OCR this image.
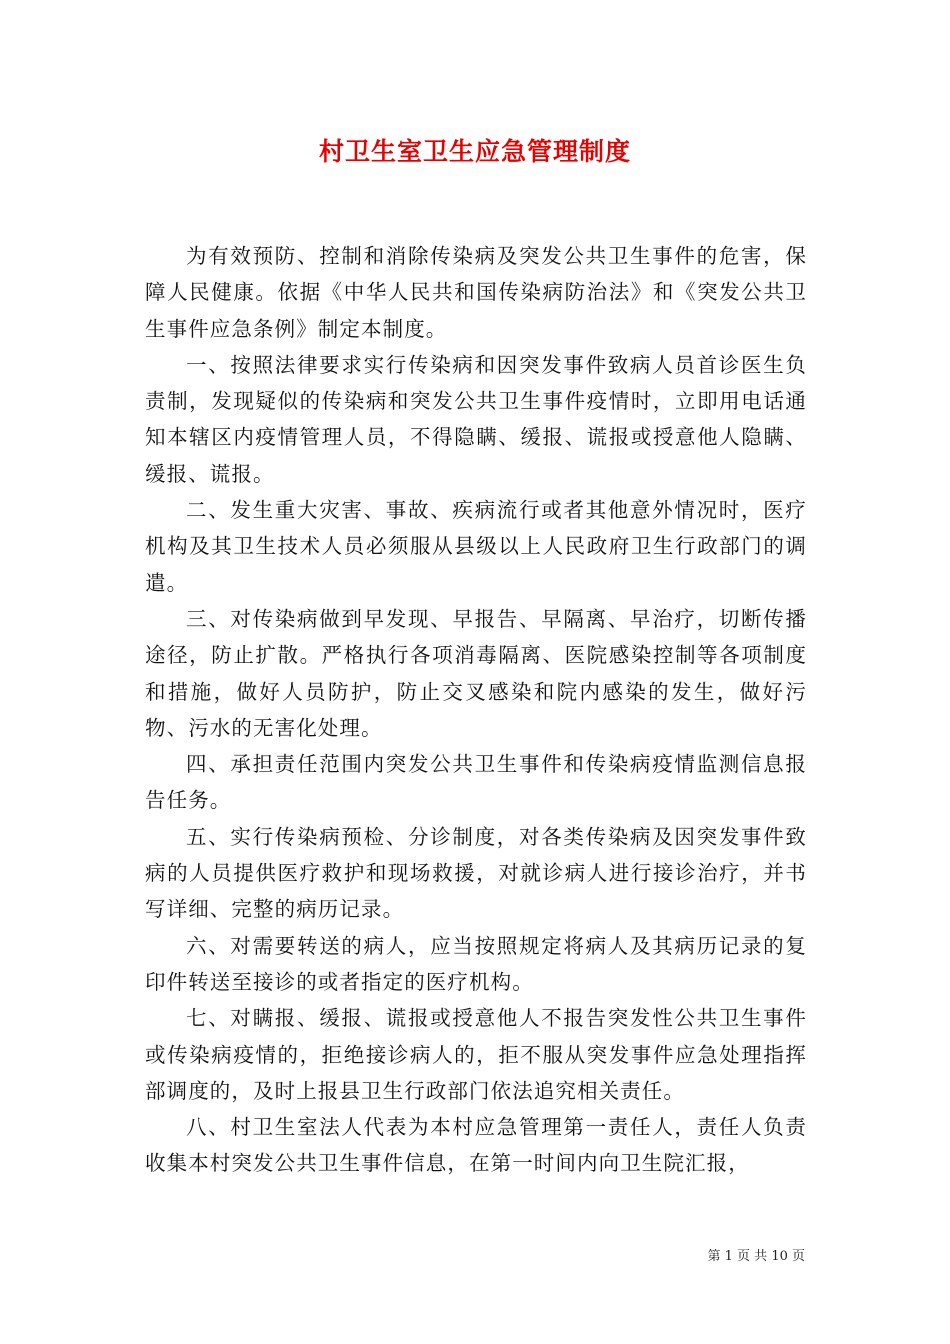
村卫生室卫生应急管理制度

为有效预防、控制和消除传染病及突发公共卫生事件的危害，保障人民健康。依据《中华人民共和国传染病防治法》和《突发公共卫生事件应急条例》制定本制度。

一、按照法律要求实行传染病和因突发事件致病人员首诊医生负责制，发现疑似的传染病和突发公共卫生事件疫情时，立即用电话通知本辖区内疫情管理人员，不得隐瞒、缓报、谎报或授意他人隐瞒、缓报、谎报。

二、发生重大灾害、事故、疾病流行或者其他意外情况时，医疗机构及其卫生技术人员必须服从县级以上人民政府卫生行政部门的调遣。

三、对传染病做到早发现、早报告、早隔离、早治疗，切断传播途径，防止扩散。严格执行各项消毒隔离、医院感染控制等各项制度和措施，做好人员防护，防止交叉感染和院内感染的发生，做好污物、污水的无害化处理。

四、承担责任范围内突发公共卫生事件和传染病疫情监测信息报告任务。

五、实行传染病预检、分诊制度，对各类传染病及因突发事件致病的人员提供医疗救护和现场救援，对就诊病人进行接诊治疗，并书写详细、完整的病历记录。

六、对需要转送的病人，应当按照规定将病人及其病历记录的复印件转送至接诊的或者指定的医疗机构。

七、对瞒报、缓报、谎报或授意他人不报告突发性公共卫生事件或传染病疫情的，拒绝接诊病人的，拒不服从突发事件应急处理指挥部调度的，及时上报县卫生行政部门依法追究相关责任。

八、村卫生室法人代表为本村应急管理第一责任人，责任人负责收集本村突发公共卫生事件信息，在第一时间内向卫生院汇报，

第 1 页 共 10 页
